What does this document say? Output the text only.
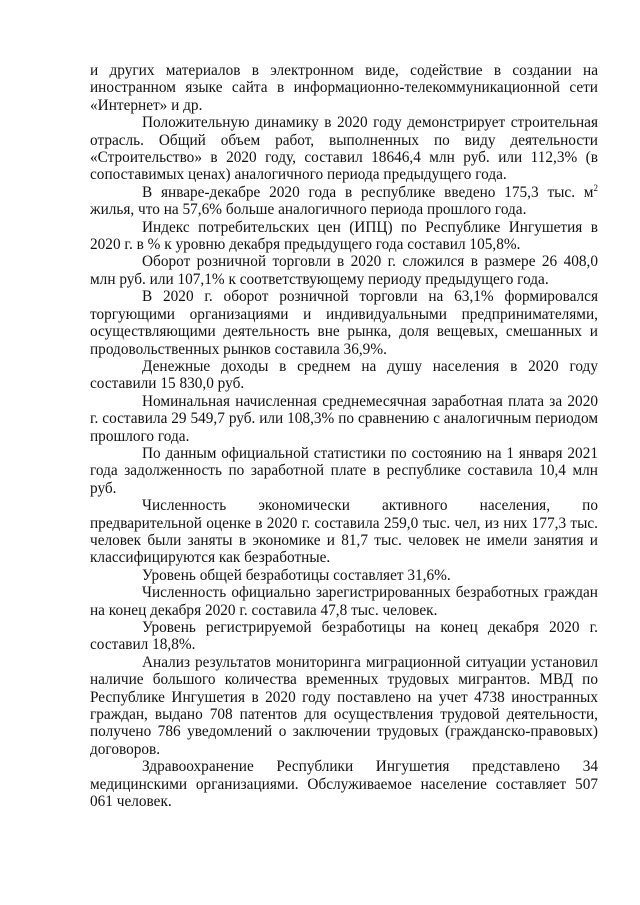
и других материалов в электронном виде, содействие в создании на иностранном языке сайта в информационно-телекоммуникационной сети «Интернет» и др.

Положительную динамику в 2020 году демонстрирует строительная отрасль. Общий объем работ, выполненных по виду деятельности «Строительство» в 2020 году, составил 18646,4 млн руб. или 112,3% (в сопоставимых ценах) аналогичного периода предыдущего года.

В январе-декабре 2020 года в республике введено 175,3 тыс. $м^2$ жилья, что на 57,6% больше аналогичного периода прошлого года.

Индекс потребительских цен (ИПЦ) по Республике Ингушетия в 2020 г. в % к уровню декабря предыдущего года составил 105,8%.

Оборот розничной торговли в 2020 г. сложился в размере 26 408,0 млн руб. или 107,1% к соответствующему периоду предыдущего года.

В 2020 г. оборот розничной торговли на 63,1% формировался торгующими организациями и индивидуальными предпринимателями, осуществляющими деятельность вне рынка, доля вещевых, смешанных и продовольственных рынков составила 36,9%.

Денежные доходы в среднем на душу населения в 2020 году составили 15 830,0 руб.

Номинальная начисленная среднемесячная заработная плата за 2020 г. составила 29 549,7 руб. или 108,3% по сравнению с аналогичным периодом прошлого года.

По данным официальной статистики по состоянию на 1 января 2021 года задолженность по заработной плате в республике составила 10,4 млн руб.

Численность экономически активного населения, по предварительной оценке в 2020 г. составила 259,0 тыс. чел, из них 177,3 тыс. человек были заняты в экономике и 81,7 тыс. человек не имели занятия и классифицируются как безработные.

Уровень общей безработицы составляет 31,6%.

Численность официально зарегистрированных безработных граждан на конец декабря 2020 г. составила 47,8 тыс. человек.

Уровень регистрируемой безработицы на конец декабря 2020 г. составил 18,8%.

Анализ результатов мониторинга миграционной ситуации установил наличие большого количества временных трудовых мигрантов. МВД по Республике Ингушетия в 2020 году поставлено на учет 4738 иностранных граждан, выдано 708 патентов для осуществления трудовой деятельности, получено 786 уведомлений о заключении трудовых (гражданско-правовых) договоров.

Здравоохранение Республики Ингушетия представлено 34 медицинскими организациями. Обслуживаемое население составляет 507 061 человек.
